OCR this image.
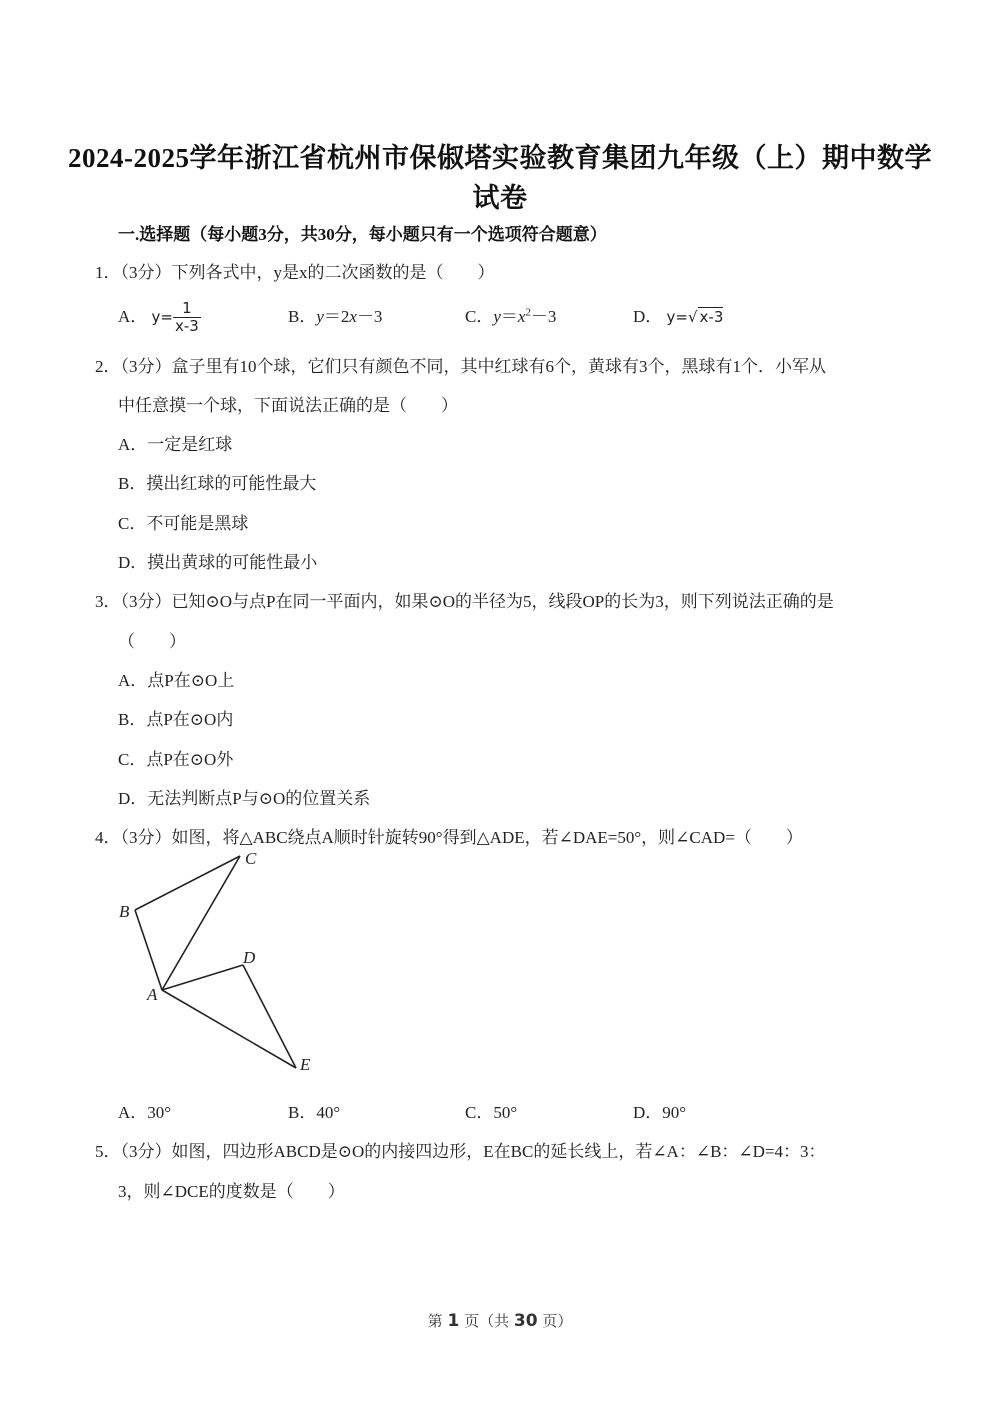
2024-2025学年浙江省杭州市保俶塔实验教育集团九年级（上）期中数学
试卷
一.选择题（每小题3分，共30分，每小题只有一个选项符合题意）
1．（3分）下列各式中，y是x的二次函数的是（　　）
A． $y= \frac{1}{x-3}$	B．y＝2x－3	C．$y=x^2-3$	D． y=√ x-3
2．（3分）盒子里有10个球，它们只有颜色不同，其中红球有6个，黄球有3个，黑球有1个．小军从
中任意摸一个球，下面说法正确的是（　　）
A．一定是红球
B．摸出红球的可能性最大
C．不可能是黑球
D．摸出黄球的可能性最小
3．（3分）已知⊙O与点P在同一平面内，如果⊙O的半径为5，线段OP的长为3，则下列说法正确的是
（　　）
A．点P在⊙O上
B．点P在⊙O内
C．点P在⊙O外
D．无法判断点P与⊙O的位置关系
4．（3分）如图，将△ABC绕点A顺时针旋转90°得到△ADE，若∠DAE=50°，则∠CAD=（　　）
C
B
A
D
E
A．30°	B．40°	C．50°	D．90°
5．（3分）如图，四边形ABCD是⊙O的内接四边形，E在BC的延长线上，若∠A：∠B：∠D=4：3：
3，则∠DCE的度数是（　　）
第 1 页（共 30 页）
